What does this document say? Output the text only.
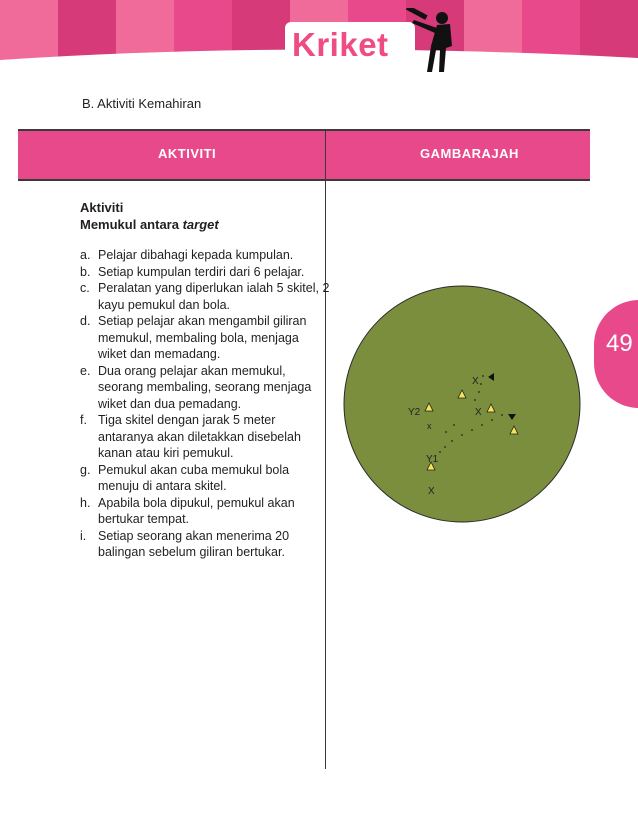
Kriket
B. Aktiviti Kemahiran
AKTIVITI	GAMBARAJAH
Aktiviti
Memukul antara target
a. Pelajar dibahagi kepada kumpulan.
b. Setiap kumpulan terdiri dari 6 pelajar.
c. Peralatan yang diperlukan ialah 5 skitel, 2 kayu pemukul dan bola.
d. Setiap pelajar akan mengambil giliran memukul, membaling bola, menjaga wiket dan memadang.
e. Dua orang pelajar akan memukul, seorang membaling, seorang menjaga wiket dan dua pemadang.
f. Tiga skitel dengan jarak 5 meter antaranya akan diletakkan disebelah kanan atau kiri pemukul.
g. Pemukul akan cuba memukul bola menuju di antara skitel.
h. Apabila bola dipukul, pemukul akan bertukar tempat.
i. Setiap seorang akan menerima 20 balingan sebelum giliran bertukar.
49
X
X
Y2
x
Y1
X
